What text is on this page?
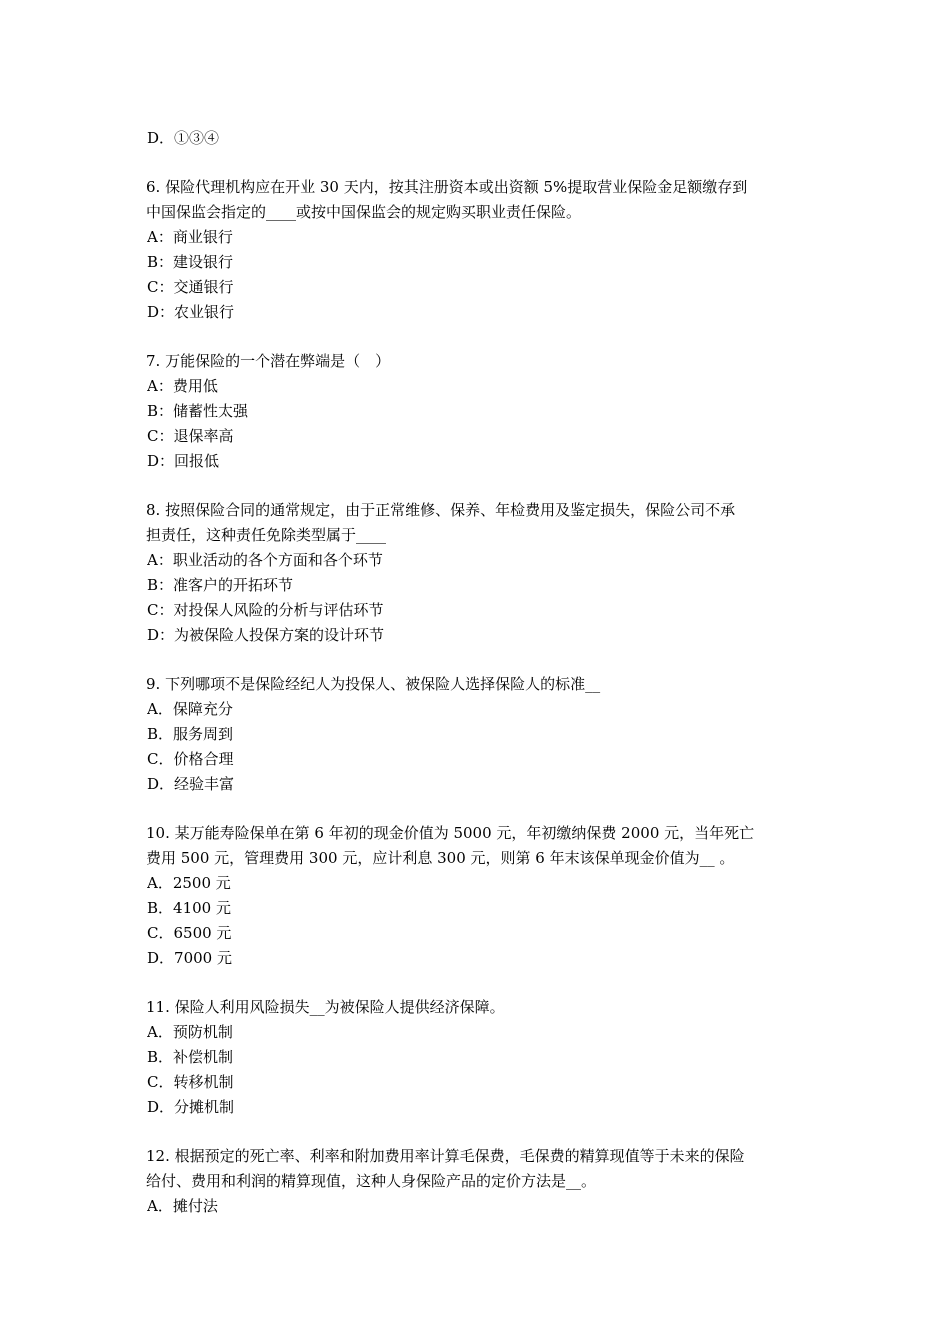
D．①③④
6. 保险代理机构应在开业 30 天内，按其注册资本或出资额 5%提取营业保险金足额缴存到
中国保监会指定的____或按中国保监会的规定购买职业责任保险。
A：商业银行
B：建设银行
C：交通银行
D：农业银行
7. 万能保险的一个潜在弊端是（　）
A：费用低
B：储蓄性太强
C：退保率高
D：回报低
8. 按照保险合同的通常规定，由于正常维修、保养、年检费用及鉴定损失，保险公司不承
担责任，这种责任免除类型属于____
A：职业活动的各个方面和各个环节
B：准客户的开拓环节
C：对投保人风险的分析与评估环节
D：为被保险人投保方案的设计环节
9. 下列哪项不是保险经纪人为投保人、被保险人选择保险人的标准__
A．保障充分
B．服务周到
C．价格合理
D．经验丰富
10. 某万能寿险保单在第 6 年初的现金价值为 5000 元，年初缴纳保费 2000 元，当年死亡
费用 500 元，管理费用 300 元，应计利息 300 元，则第 6 年末该保单现金价值为__ 。
A．2500 元
B．4100 元
C．6500 元
D．7000 元
11. 保险人利用风险损失__为被保险人提供经济保障。
A．预防机制
B．补偿机制
C．转移机制
D．分摊机制
12. 根据预定的死亡率、利率和附加费用率计算毛保费，毛保费的精算现值等于未来的保险
给付、费用和利润的精算现值，这种人身保险产品的定价方法是__。
A．摊付法
